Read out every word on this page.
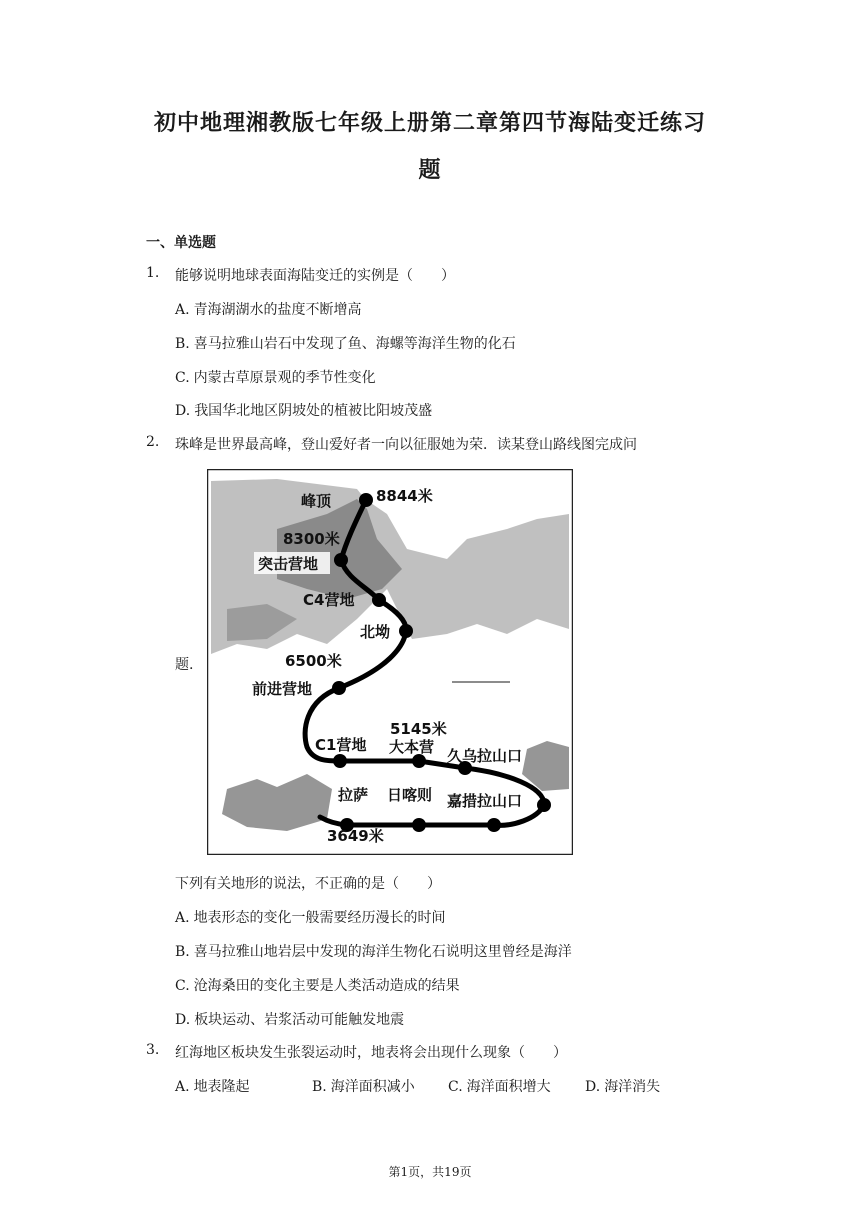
初中地理湘教版七年级上册第二章第四节海陆变迁练习
题
一、单选题
1. 能够说明地球表面海陆变迁的实例是（　　）
A. 青海湖湖水的盐度不断增高
B. 喜马拉雅山岩石中发现了鱼、海螺等海洋生物的化石
C. 内蒙古草原景观的季节性变化
D. 我国华北地区阴坡处的植被比阳坡茂盛
2. 珠峰是世界最高峰，登山爱好者一向以征服她为荣．读某登山路线图完成问
题.
峰顶	8844米
8300米
突击营地
C4营地
北坳
6500米
前进营地
C1营地
5145米
大本营 久乌拉山口
拉萨 日喀则 嘉措拉山口
3649米
下列有关地形的说法，不正确的是（　　）
A. 地表形态的变化一般需要经历漫长的时间
B. 喜马拉雅山地岩层中发现的海洋生物化石说明这里曾经是海洋
C. 沧海桑田的变化主要是人类活动造成的结果
D. 板块运动、岩浆活动可能触发地震
3. 红海地区板块发生张裂运动时，地表将会出现什么现象（　　）
A. 地表隆起	B. 海洋面积减小 C. 海洋面积增大 D. 海洋消失
第1页，共19页
